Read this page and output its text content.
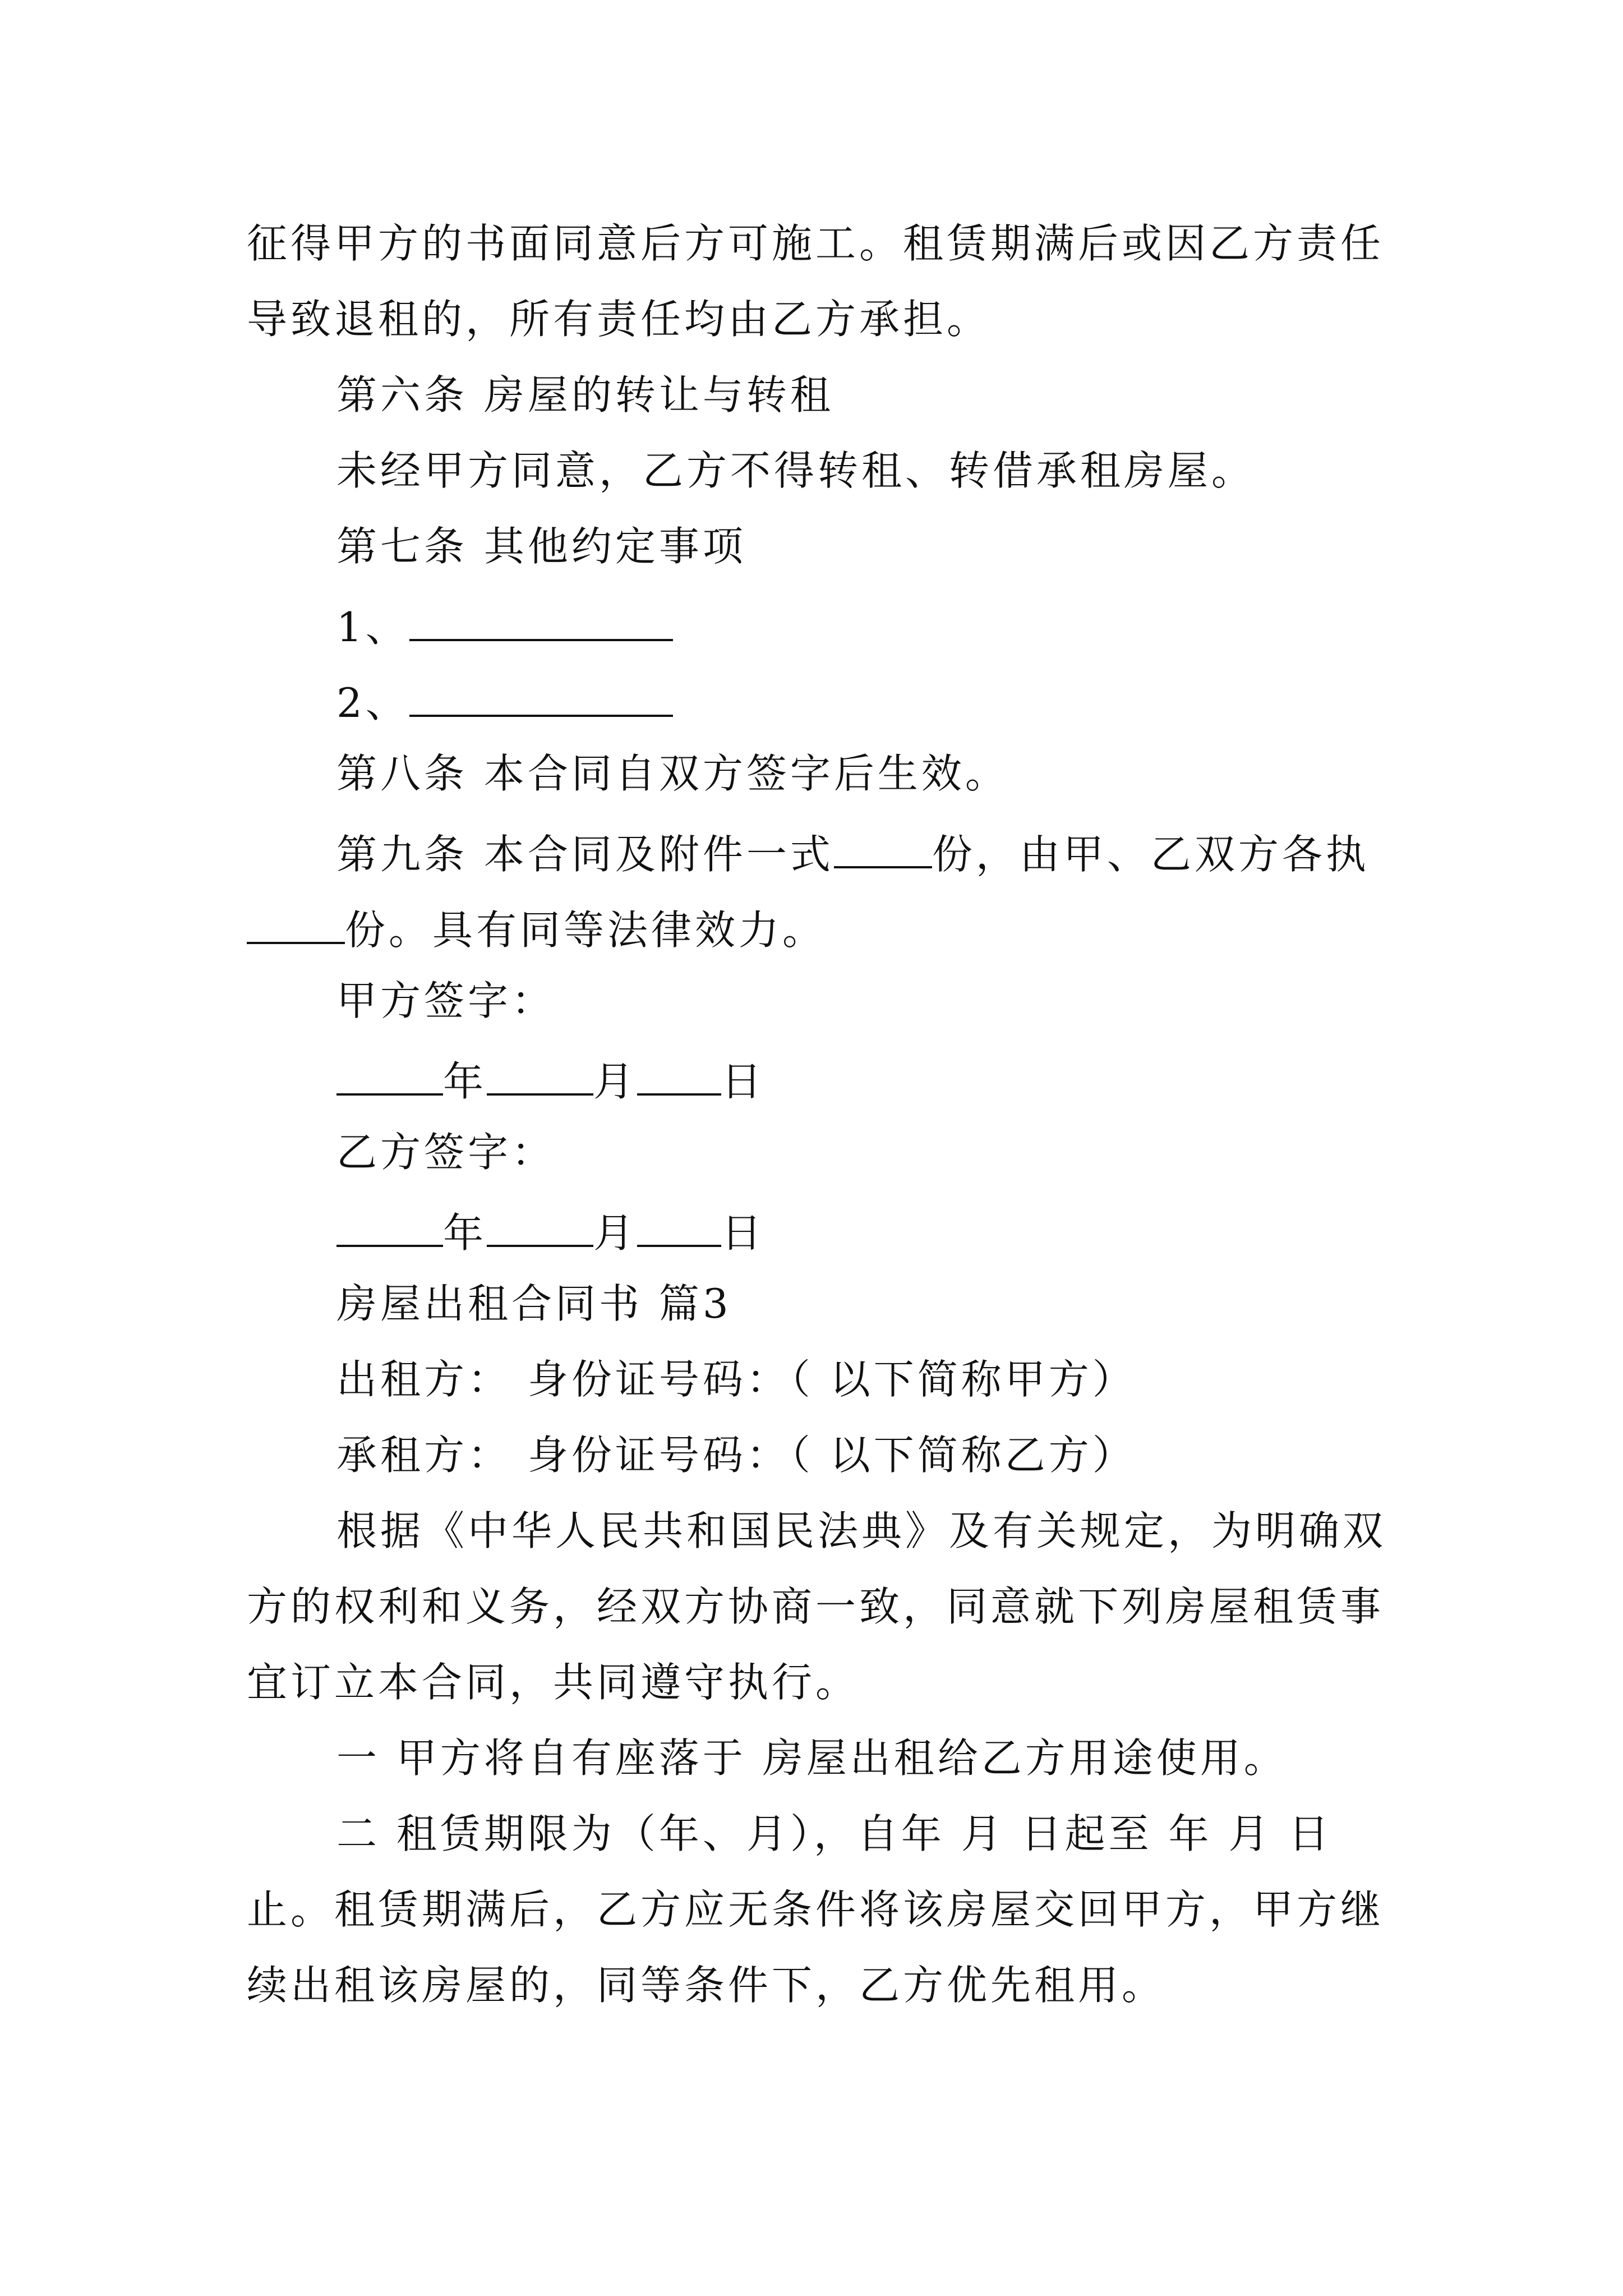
征得甲方的书面同意后方可施工。租赁期满后或因乙方责任
导致退租的，所有责任均由乙方承担。
第六条 房屋的转让与转租
未经甲方同意，乙方不得转租、转借承租房屋。
第七条 其他约定事项
1、
2、
第八条 本合同自双方签字后生效。
第九条 本合同及附件一式 份，由甲、乙双方各执
份。具有同等法律效力。
甲方签字：
年	月 日
乙方签字：
年	月 日
房屋出租合同书 篇3
出租方： 身份证号码：（ 以下简称甲方）
承租方： 身份证号码：（ 以下简称乙方）
根据《中华人民共和国民法典》及有关规定，为明确双
方的权利和义务，经双方协商一致，同意就下列房屋租赁事
宜订立本合同，共同遵守执行。
一 甲方将自有座落于 房屋出租给乙方用途使用。
二 租赁期限为（年、月），自年 月 日起至 年 月 日
止。租赁期满后，乙方应无条件将该房屋交回甲方，甲方继
续出租该房屋的，同等条件下，乙方优先租用。
